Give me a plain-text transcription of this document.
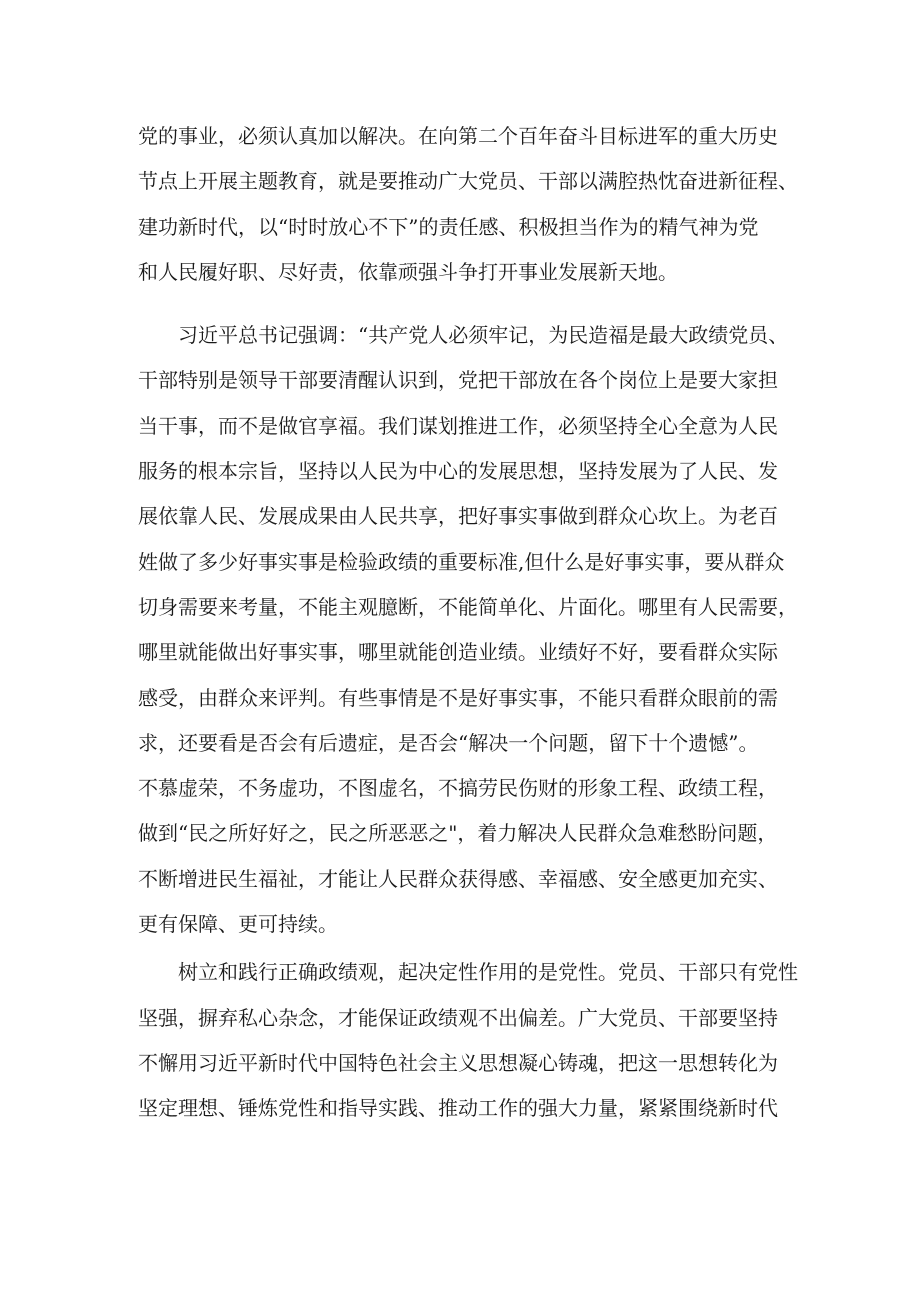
党的事业，必须认真加以解决。在向第二个百年奋斗目标进军的重大历史
节点上开展主题教育，就是要推动广大党员、干部以满腔热忱奋进新征程、
建功新时代，以“时时放心不下”的责任感、积极担当作为的精气神为党
和人民履好职、尽好责，依靠顽强斗争打开事业发展新天地。
　　习近平总书记强调：“共产党人必须牢记，为民造福是最大政绩党员、
干部特别是领导干部要清醒认识到，党把干部放在各个岗位上是要大家担
当干事，而不是做官享福。我们谋划推进工作，必须坚持全心全意为人民
服务的根本宗旨，坚持以人民为中心的发展思想，坚持发展为了人民、发
展依靠人民、发展成果由人民共享，把好事实事做到群众心坎上。为老百
姓做了多少好事实事是检验政绩的重要标准,但什么是好事实事，要从群众
切身需要来考量，不能主观臆断，不能简单化、片面化。哪里有人民需要，
哪里就能做出好事实事，哪里就能创造业绩。业绩好不好，要看群众实际
感受，由群众来评判。有些事情是不是好事实事，不能只看群众眼前的需
求，还要看是否会有后遗症，是否会“解决一个问题，留下十个遗憾”。
不慕虚荣，不务虚功，不图虚名，不搞劳民伤财的形象工程、政绩工程，
做到“民之所好好之，民之所恶恶之"，着力解决人民群众急难愁盼问题，
不断增进民生福祉，才能让人民群众获得感、幸福感、安全感更加充实、
更有保障、更可持续。
　　树立和践行正确政绩观，起决定性作用的是党性。党员、干部只有党性
坚强，摒弃私心杂念，才能保证政绩观不出偏差。广大党员、干部要坚持
不懈用习近平新时代中国特色社会主义思想凝心铸魂，把这一思想转化为
坚定理想、锤炼党性和指导实践、推动工作的强大力量，紧紧围绕新时代
